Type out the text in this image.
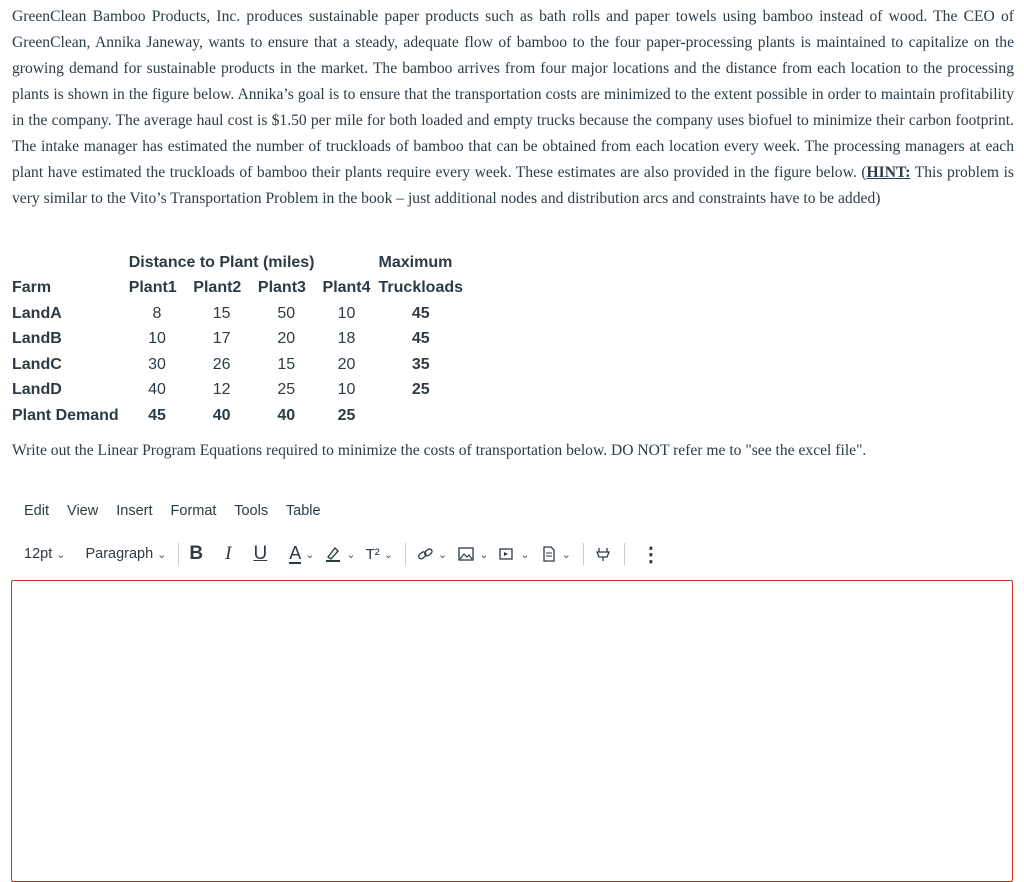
GreenClean Bamboo Products, Inc. produces sustainable paper products such as bath rolls and paper towels using bamboo instead of wood. The CEO of GreenClean, Annika Janeway, wants to ensure that a steady, adequate flow of bamboo to the four paper-processing plants is maintained to capitalize on the growing demand for sustainable products in the market. The bamboo arrives from four major locations and the distance from each location to the processing plants is shown in the figure below. Annika’s goal is to ensure that the transportation costs are minimized to the extent possible in order to maintain profitability in the company. The average haul cost is $1.50 per mile for both loaded and empty trucks because the company uses biofuel to minimize their carbon footprint. The intake manager has estimated the number of truckloads of bamboo that can be obtained from each location every week. The processing managers at each plant have estimated the truckloads of bamboo their plants require every week. These estimates are also provided in the figure below. (HINT: This problem is very similar to the Vito’s Transportation Problem in the book – just additional nodes and distribution arcs and constraints have to be added)
	Distance to Plant (miles)				Maximum
Farm	Plant1	Plant2	Plant3	Plant4	Truckloads
LandA	8	15	50	10	45
LandB	10	17	20	18	45
LandC	30	26	15	20	35
LandD	40	12	25	10	25
Plant Demand	45	40	40	25	
Write out the Linear Program Equations required to minimize the costs of transportation below. DO NOT refer me to "see the excel file".
Edit View Insert Format Tools Table
12pt ⌄ Paragraph ⌄ B I U A ⌄	⌄ T² ⌄	⌄	⌄	⌄	⌄	⋮
